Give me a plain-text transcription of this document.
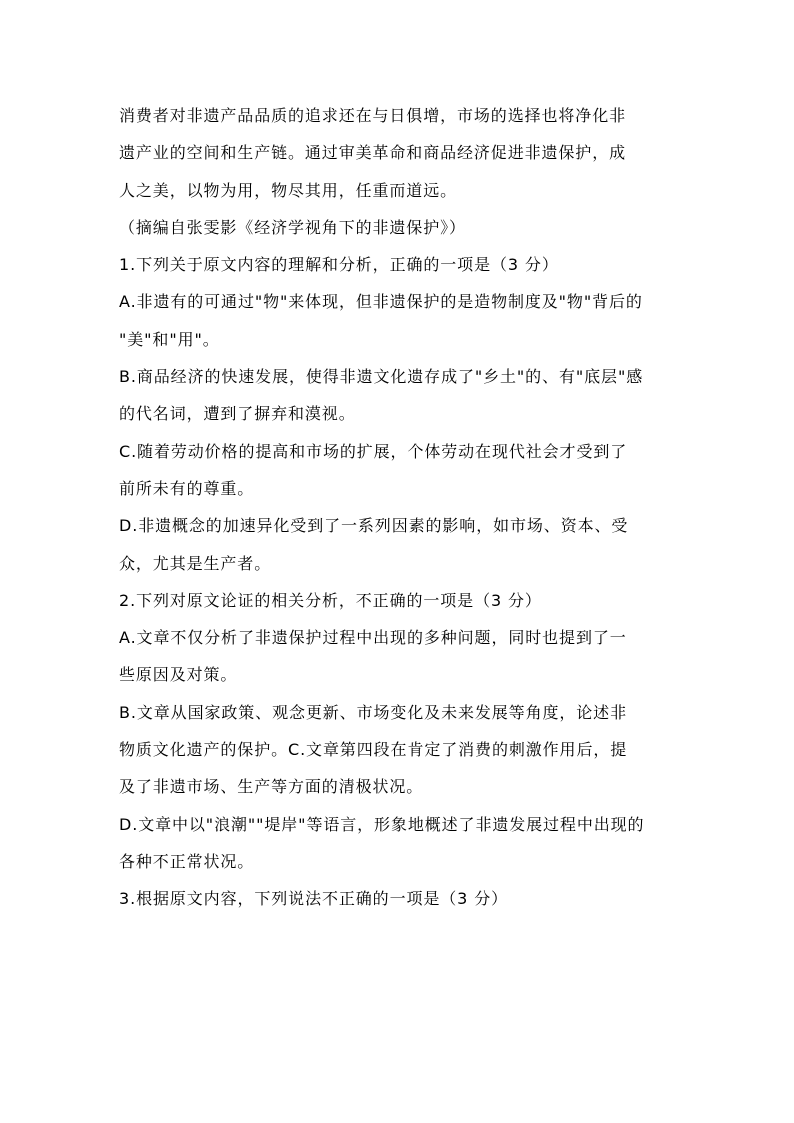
消费者对非遗产品品质的追求还在与日俱增，市场的选择也将净化非
遗产业的空间和生产链。通过审美革命和商品经济促进非遗保护，成
人之美，以物为用，物尽其用，任重而道远。
（摘编自张雯影《经济学视角下的非遗保护》）
1.下列关于原文内容的理解和分析，正确的一项是（3 分）
A.非遗有的可通过"物"来体现，但非遗保护的是造物制度及"物"背后的
"美"和"用"。
B.商品经济的快速发展，使得非遗文化遗存成了"乡土"的、有"底层"感
的代名词，遭到了摒弃和漠视。
C.随着劳动价格的提高和市场的扩展，个体劳动在现代社会才受到了
前所未有的尊重。
D.非遗概念的加速异化受到了一系列因素的影响，如市场、资本、受
众，尤其是生产者。
2.下列对原文论证的相关分析，不正确的一项是（3 分）
A.文章不仅分析了非遗保护过程中出现的多种问题，同时也提到了一
些原因及对策。
B.文章从国家政策、观念更新、市场变化及未来发展等角度，论述非
物质文化遗产的保护。C.文章第四段在肯定了消费的刺激作用后，提
及了非遗市场、生产等方面的清极状况。
D.文章中以"浪潮""堤岸"等语言，形象地概述了非遗发展过程中出现的
各种不正常状况。
3.根据原文内容，下列说法不正确的一项是（3 分）
